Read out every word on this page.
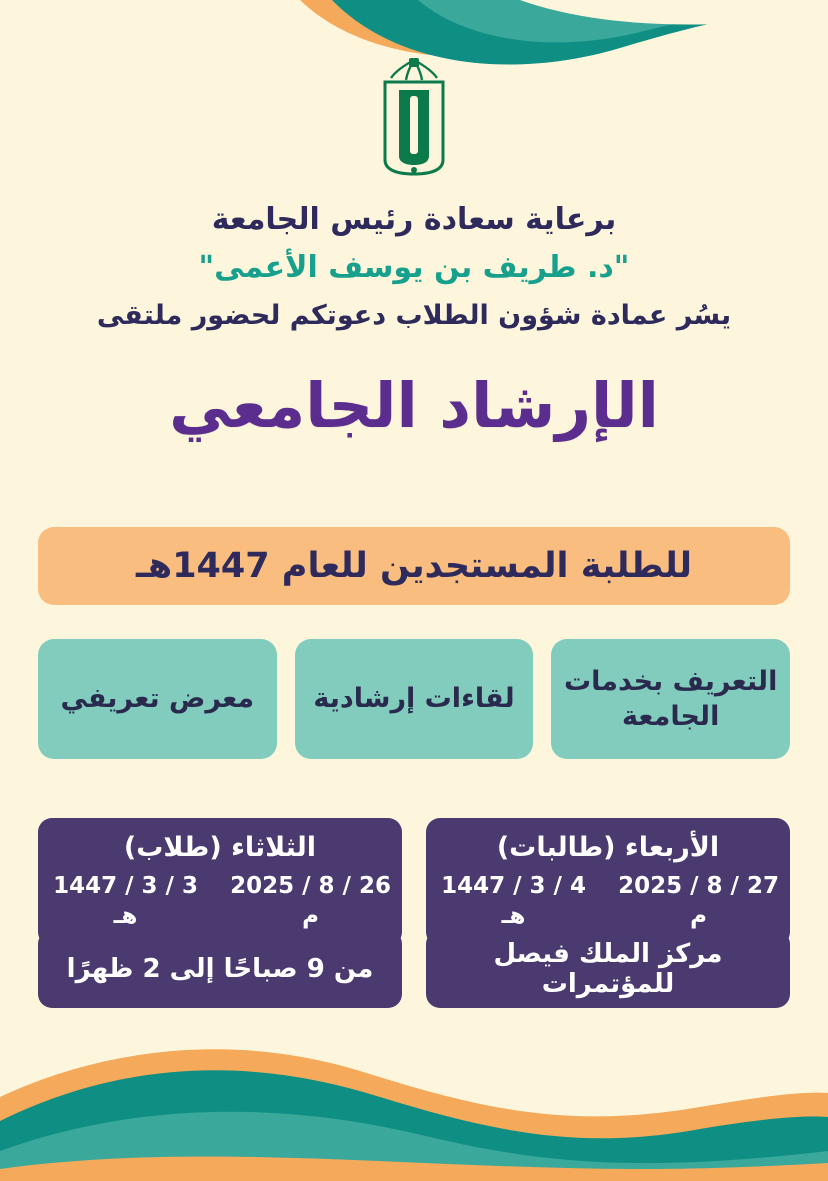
برعاية سعادة رئيس الجامعة
"د. طريف بن يوسف الأعمى"
يسُر عمادة شؤون الطلاب دعوتكم لحضور ملتقى
الإرشاد الجامعي
للطلبة المستجدين للعام 1447هـ
التعريف بخدمات الجامعة
لقاءات إرشادية
معرض تعريفي
الأربعاء (طالبات)
27 / 8 / 2025 م
4 / 3 / 1447 هـ
الثلاثاء (طلاب)
26 / 8 / 2025 م
3 / 3 / 1447 هـ
مركز الملك فيصل للمؤتمرات
من 9 صباحًا إلى 2 ظهرًا
